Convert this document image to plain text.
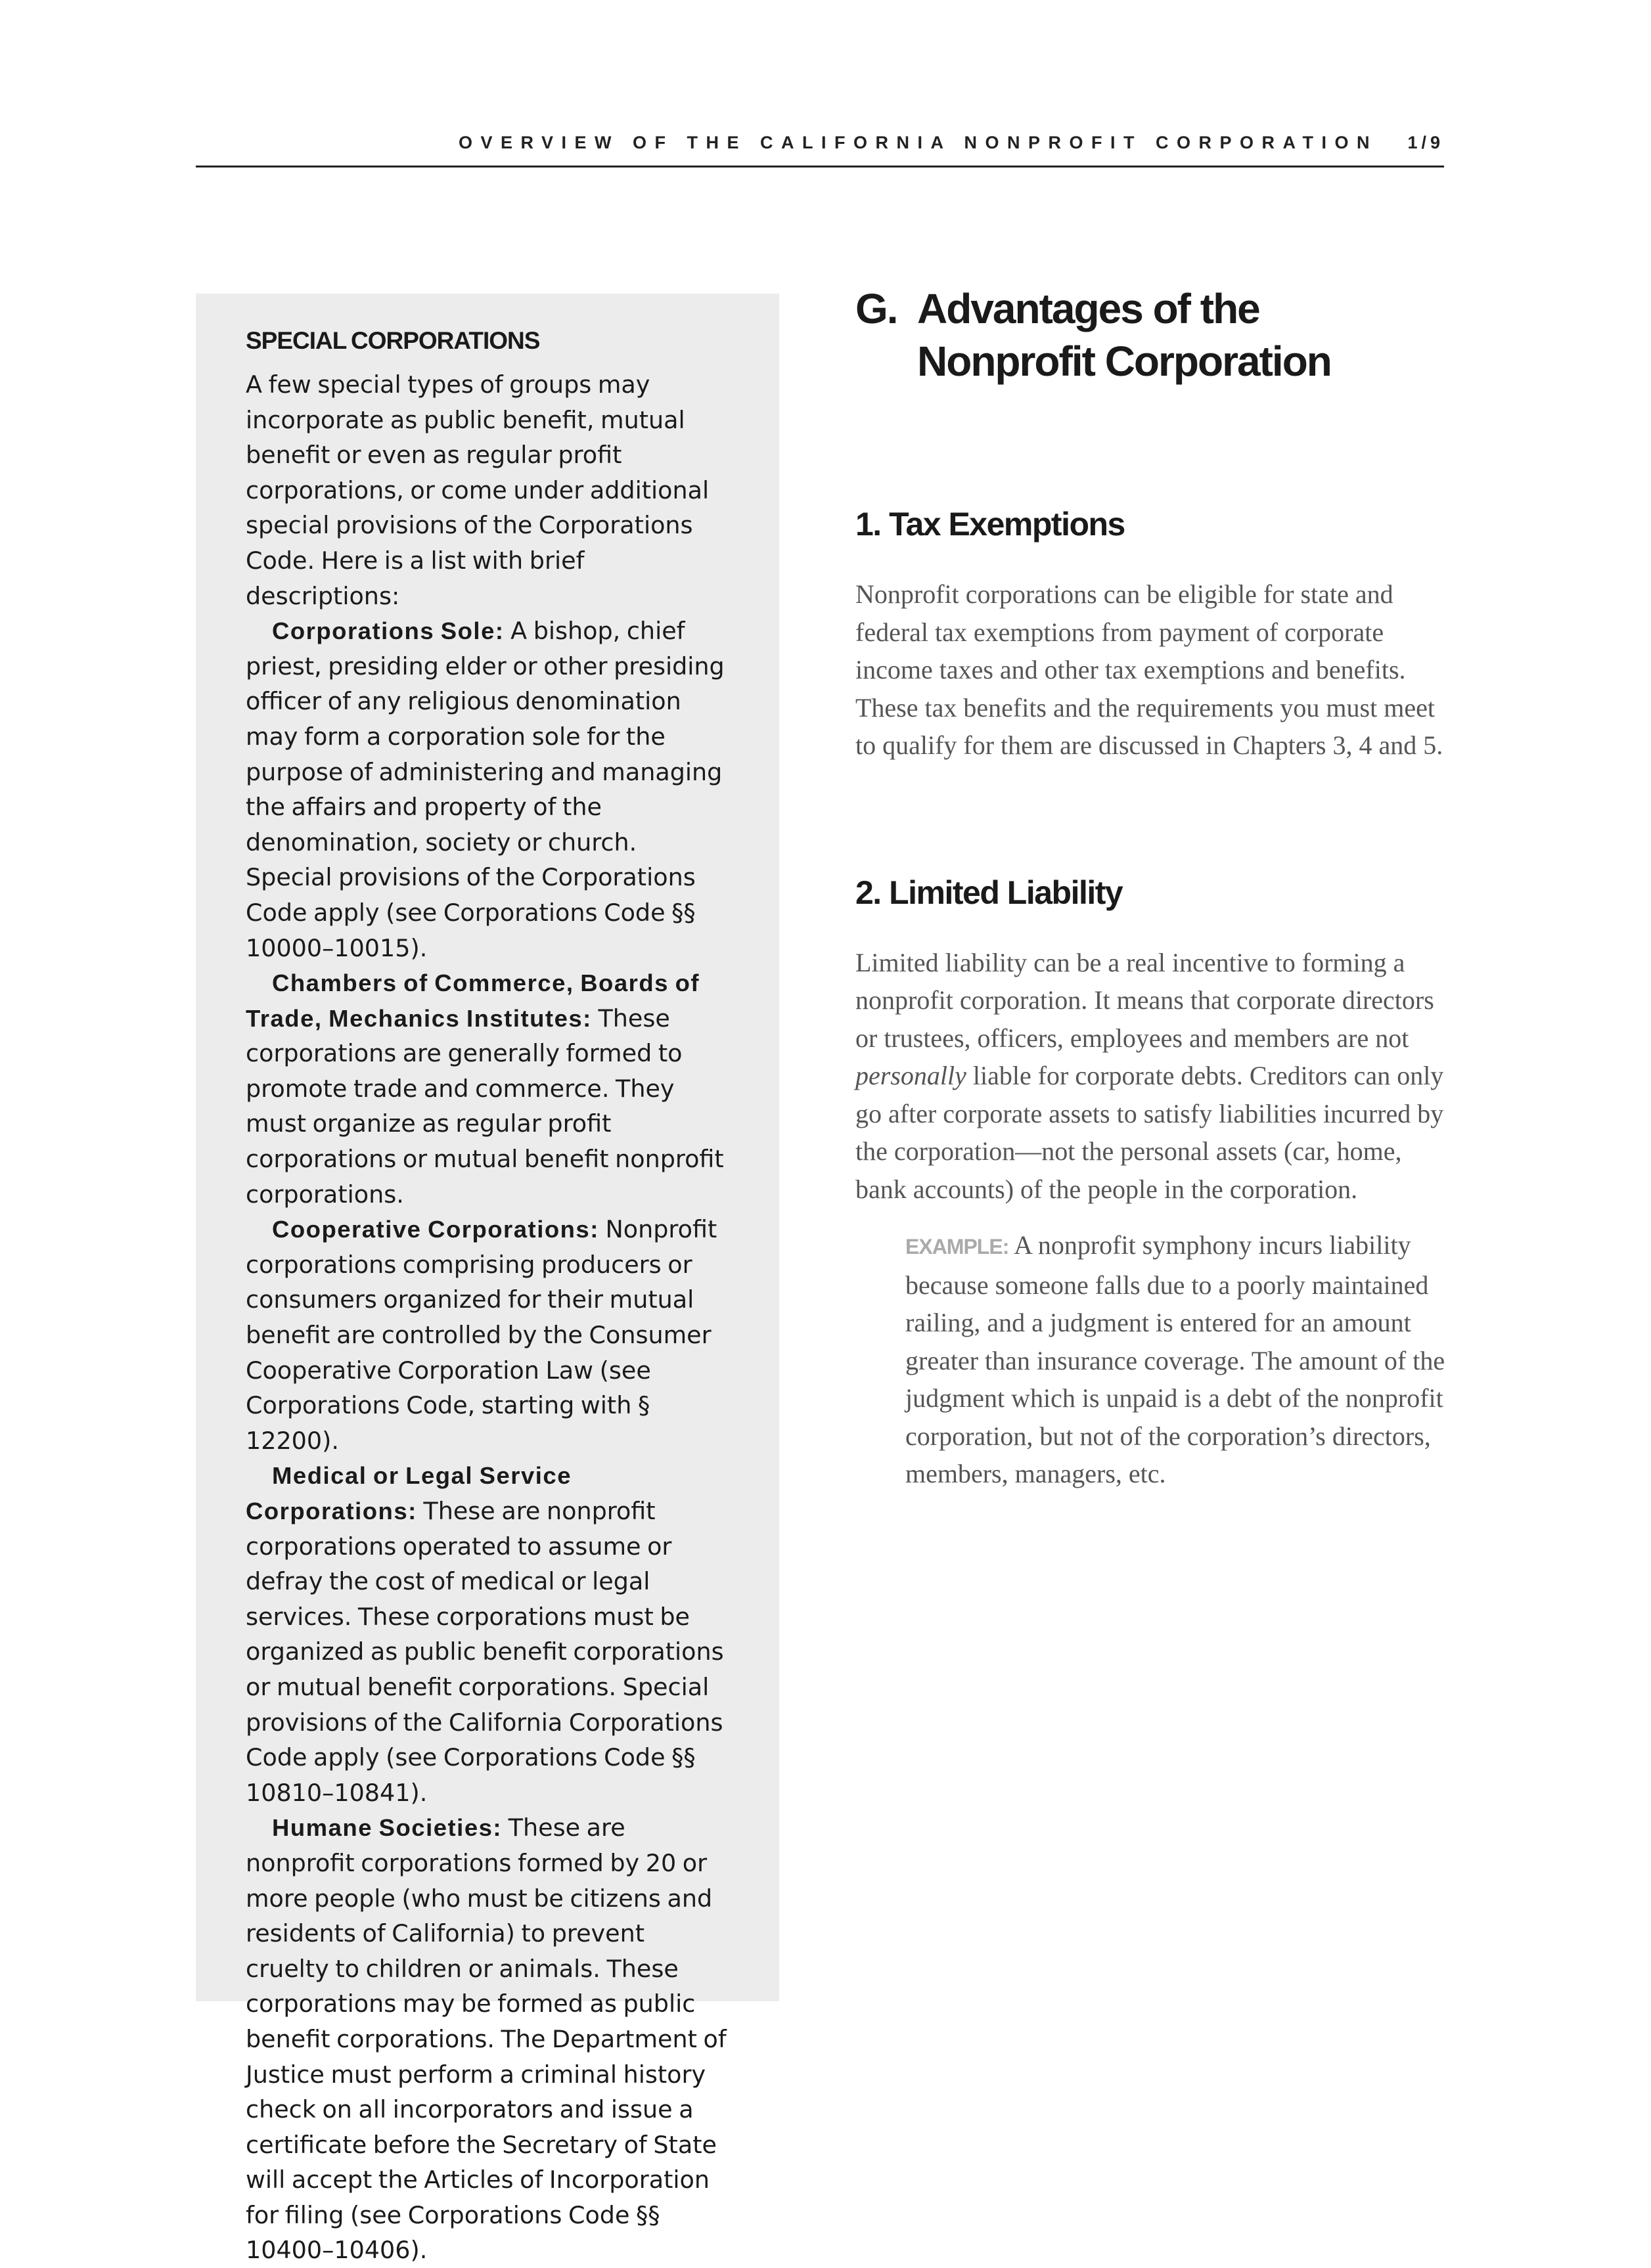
OVERVIEW OF THE CALIFORNIA NONPROFIT CORPORATION 1/9
SPECIAL CORPORATIONS

A few special types of groups may incorporate as public benefit, mutual benefit or even as regular profit corporations, or come under additional special provisions of the Corporations Code. Here is a list with brief descriptions:

Corporations Sole: A bishop, chief priest, presiding elder or other presiding officer of any religious denomination may form a corporation sole for the purpose of administering and managing the affairs and property of the denomination, society or church. Special provisions of the Corporations Code apply (see Corporations Code §§ 10000–10015).

Chambers of Commerce, Boards of Trade, Mechanics Institutes: These corporations are generally formed to promote trade and commerce. They must organize as regular profit corporations or mutual benefit nonprofit corporations.

Cooperative Corporations: Nonprofit corporations comprising producers or consumers organized for their mutual benefit are controlled by the Consumer Cooperative Corporation Law (see Corporations Code, starting with § 12200).

Medical or Legal Service Corporations: These are nonprofit corporations operated to assume or defray the cost of medical or legal services. These corporations must be organized as public benefit corporations or mutual benefit corporations. Special provisions of the California Corporations Code apply (see Corporations Code §§ 10810–10841).

Humane Societies: These are nonprofit corporations formed by 20 or more people (who must be citizens and residents of California) to prevent cruelty to children or animals. These corporations may be formed as public benefit corporations. The Department of Justice must perform a criminal history check on all incorporators and issue a certificate before the Secretary of State will accept the Articles of Incorporation for filing (see Corporations Code §§ 10400–10406).

G. Advantages of the Nonprofit Corporation
1. Tax Exemptions

Nonprofit corporations can be eligible for state and federal tax exemptions from payment of corporate income taxes and other tax exemptions and benefits. These tax benefits and the requirements you must meet to qualify for them are discussed in Chapters 3, 4 and 5.

2. Limited Liability

Limited liability can be a real incentive to forming a nonprofit corporation. It means that corporate directors or trustees, officers, employees and members are not personally liable for corporate debts. Creditors can only go after corporate assets to satisfy liabilities incurred by the corporation—not the personal assets (car, home, bank accounts) of the people in the corporation.

EXAMPLE: A nonprofit symphony incurs liability because someone falls due to a poorly maintained railing, and a judgment is entered for an amount greater than insurance coverage. The amount of the judgment which is unpaid is a debt of the nonprofit corporation, but not of the corporation’s directors, members, managers, etc.
